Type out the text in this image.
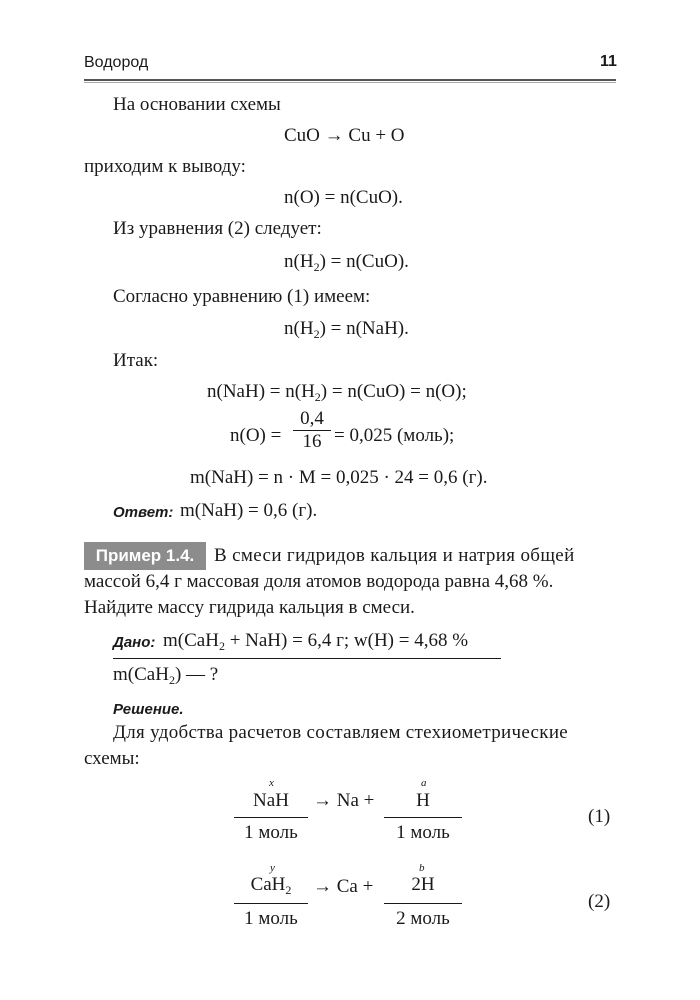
Водород	11
На основании схемы
CuO → Cu + O
приходим к выводу:
n(O) = n(CuO).
Из уравнения (2) следует:
$n(H_2) = n(CuO)$.
Согласно уравнению (1) имеем:
$n(H_2) = n(NaH)$.
Итак:
$n(NaH) = n(H_2) = n(CuO) = n(O)$;
n(O) =
0,4
16 = 0,025 (моль);
m(NaH) = n · M = 0,025 · 24 = 0,6 (г).
Ответ: m(NaH) = 0,6 (г).
Пример 1.4.	В смеси гидридов кальция и натрия общей
массой 6,4 г массовая доля атомов водорода равна 4,68 %.
Найдите массу гидрида кальция в смеси.
Дано: m(CaH$_2$ + NaH) = 6,4 г; w(H) = 4,68 %
m(CaH$_2$) — ?
Решение.
Для удобства расчетов составляем стехиометрические
схемы:
x	a
NaH
1 моль
→ Na +	H
1 моль
(1)
y	b
CaH$_2$
1 моль
→ Ca +	2H
2 моль
(2)
